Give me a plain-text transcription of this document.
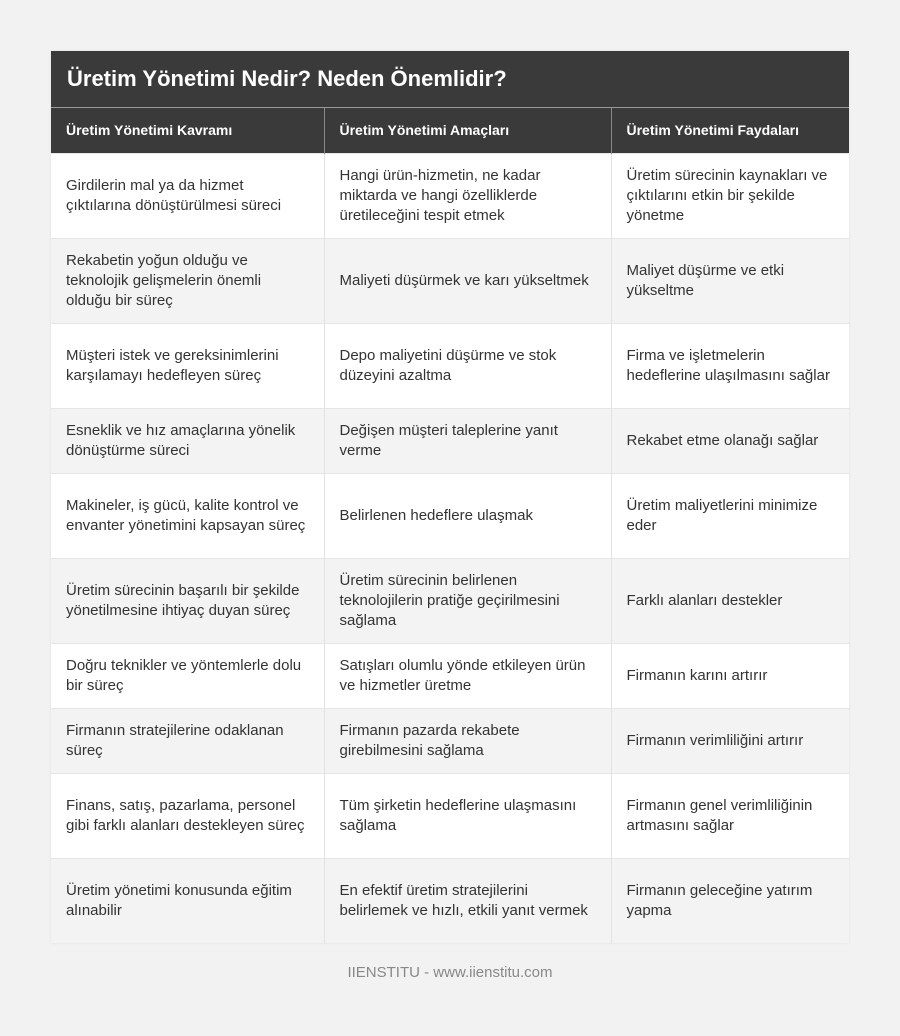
Üretim Yönetimi Nedir? Neden Önemlidir?
Üretim Yönetimi Kavramı	Üretim Yönetimi Amaçları	Üretim Yönetimi Faydaları
Girdilerin mal ya da hizmet çıktılarına dönüştürülmesi süreci	Hangi ürün-hizmetin, ne kadar miktarda ve hangi özelliklerde üretileceğini tespit etmek	Üretim sürecinin kaynakları ve çıktılarını etkin bir şekilde yönetme
Rekabetin yoğun olduğu ve teknolojik gelişmelerin önemli olduğu bir süreç	Maliyeti düşürmek ve karı yükseltmek	Maliyet düşürme ve etki yükseltme
Müşteri istek ve gereksinimlerini karşılamayı hedefleyen süreç	Depo maliyetini düşürme ve stok düzeyini azaltma	Firma ve işletmelerin hedeflerine ulaşılmasını sağlar
Esneklik ve hız amaçlarına yönelik dönüştürme süreci	Değişen müşteri taleplerine yanıt verme	Rekabet etme olanağı sağlar
Makineler, iş gücü, kalite kontrol ve envanter yönetimini kapsayan süreç	Belirlenen hedeflere ulaşmak	Üretim maliyetlerini minimize eder
Üretim sürecinin başarılı bir şekilde yönetilmesine ihtiyaç duyan süreç	Üretim sürecinin belirlenen teknolojilerin pratiğe geçirilmesini sağlama	Farklı alanları destekler
Doğru teknikler ve yöntemlerle dolu bir süreç	Satışları olumlu yönde etkileyen ürün ve hizmetler üretme	Firmanın karını artırır
Firmanın stratejilerine odaklanan süreç	Firmanın pazarda rekabete girebilmesini sağlama	Firmanın verimliliğini artırır
Finans, satış, pazarlama, personel gibi farklı alanları destekleyen süreç	Tüm şirketin hedeflerine ulaşmasını sağlama	Firmanın genel verimliliğinin artmasını sağlar
Üretim yönetimi konusunda eğitim alınabilir	En efektif üretim stratejilerini belirlemek ve hızlı, etkili yanıt vermek	Firmanın geleceğine yatırım yapma
IIENSTITU - www.iienstitu.com
